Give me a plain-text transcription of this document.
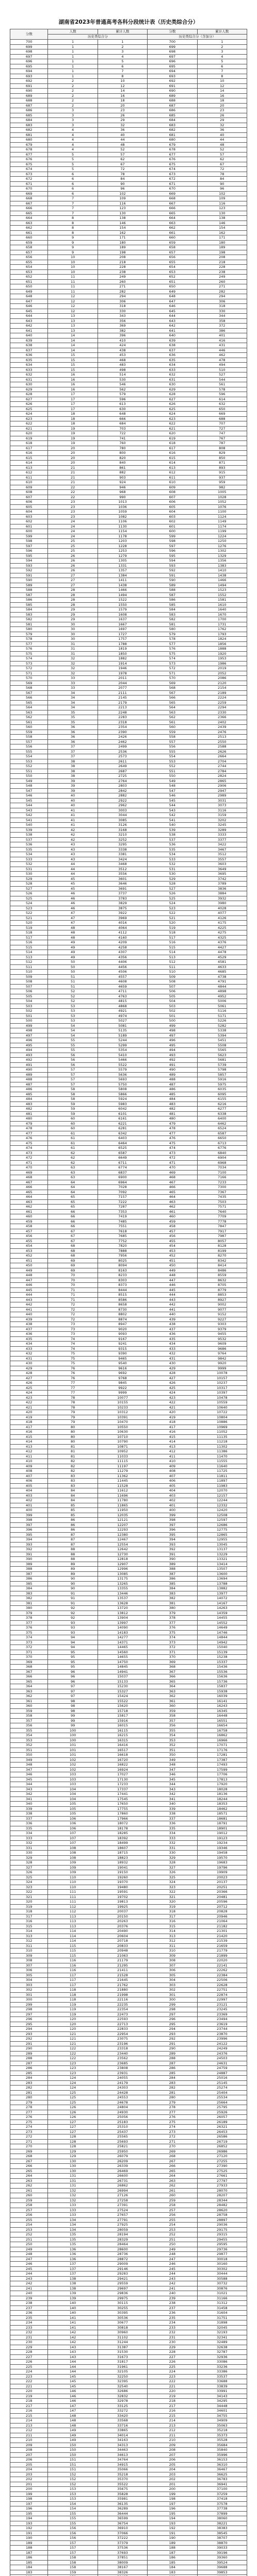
湖南省2023年普通高考各科分段统计表（历史类综合分）
分数	人数	累计人数	分数	累计人数
	历史类综合分		历史类综合分（含加分）	
700	1	1	700	1
699	1	2	699	2
698	1	3	698	3
697	1	4	697	4
696	1	5	696	5
695	1	6	695	6
694	1	7	694	7
693	1	8	693	8
692	2	10	692	10
691	2	12	691	12
690	2	14	690	14
689	2	16	689	16
688	2	18	688	18
687	2	20	687	20
686	3	23	686	23
685	3	26	685	26
684	3	29	684	29
683	3	32	683	32
682	4	36	682	36
681	4	40	681	40
680	4	44	680	44
679	4	48	679	48
678	4	52	678	52
677	5	57	677	57
676	5	62	676	62
675	5	67	675	67
674	5	72	674	72
673	6	78	673	78
672	6	84	672	84
671	6	90	671	90
670	6	96	670	96
669	6	102	669	102
668	7	109	668	109
667	7	116	667	116
666	7	123	666	123
665	7	130	665	130
664	8	138	664	138
663	8	146	663	146
662	8	154	662	154
661	8	162	661	162
660	9	171	660	171
659	9	180	659	180
658	9	189	658	189
657	9	198	657	198
656	10	208	656	208
655	10	218	655	218
654	10	228	654	228
653	10	238	653	238
652	11	249	652	249
651	11	260	651	260
650	11	271	650	271
649	11	282	649	282
648	12	294	648	294
647	12	306	647	306
646	12	318	646	318
645	12	330	645	330
644	13	343	644	344
643	13	356	643	358
642	13	369	642	372
641	13	382	641	386
640	14	396	640	401
639	14	410	639	416
638	14	424	638	431
637	14	438	637	446
636	15	453	636	462
635	15	468	635	478
634	15	483	634	494
633	15	498	633	510
632	16	514	632	527
631	16	530	631	544
630	16	546	630	561
629	16	562	629	578
628	17	579	628	596
627	17	596	627	614
626	17	613	626	632
625	17	630	625	650
624	18	648	624	669
623	18	666	623	688
622	18	684	622	707
621	19	703	621	727
620	19	722	620	747
619	19	741	619	767
618	19	760	618	787
617	20	780	617	808
616	20	800	616	829
615	20	820	615	850
614	20	840	614	871
613	21	861	613	893
612	21	882	612	915
611	21	903	611	937
610	21	924	610	959
609	22	946	609	982
608	22	968	608	1005
607	22	990	607	1028
606	23	1013	606	1052
605	23	1036	605	1076
604	23	1059	604	1100
603	23	1082	603	1124
602	24	1106	602	1149
601	24	1130	601	1174
600	24	1154	600	1199
599	24	1178	599	1224
598	25	1203	598	1250
597	25	1228	597	1276
596	25	1253	596	1302
595	26	1279	595	1329
594	26	1305	594	1356
593	26	1331	593	1383
592	26	1357	592	1410
591	27	1384	591	1438
590	27	1411	590	1466
589	27	1438	589	1494
588	28	1466	588	1523
587	28	1494	587	1552
586	28	1522	586	1581
585	28	1550	585	1610
584	29	1579	584	1640
583	29	1608	583	1670
582	29	1637	582	1700
581	30	1667	581	1731
580	30	1697	580	1762
579	30	1727	579	1793
578	30	1757	578	1824
577	31	1788	577	1856
576	31	1819	576	1888
575	31	1850	575	1920
574	32	1882	574	1953
573	32	1914	573	1986
572	32	1946	572	2019
571	32	1978	571	2052
570	33	2011	570	2086
569	33	2044	569	2120
568	33	2077	568	2154
567	34	2111	567	2189
566	34	2145	566	2224
565	34	2179	565	2259
564	34	2213	564	2294
563	35	2248	563	2330
562	35	2283	562	2366
561	35	2318	561	2402
560	36	2354	560	2439
559	36	2390	559	2476
558	36	2426	558	2513
557	36	2462	557	2550
556	37	2499	556	2588
555	37	2536	555	2626
554	37	2573	554	2664
553	38	2611	553	2704
552	38	2649	552	2744
551	38	2687	551	2784
550	38	2725	550	2824
549	39	2764	549	2865
548	39	2803	548	2906
547	39	2842	547	2947
546	40	2882	546	2989
545	40	2922	545	3031
544	40	2962	544	3073
543	41	3003	543	3116
542	41	3044	542	3159
541	41	3085	541	3202
540	41	3126	540	3245
539	42	3168	539	3289
538	42	3210	538	3333
537	42	3252	537	3377
536	43	3295	536	3422
535	43	3338	535	3467
534	43	3381	534	3512
533	43	3424	533	3557
532	44	3468	532	3603
531	44	3512	531	3649
530	44	3556	530	3695
529	45	3601	529	3742
528	45	3646	528	3789
527	45	3691	527	3836
526	46	3737	526	3884
525	46	3783	525	3932
524	46	3829	524	3980
523	46	3875	523	4028
522	47	3922	522	4077
521	47	3969	521	4126
520	47	4016	520	4175
519	48	4064	519	4225
518	48	4112	518	4275
517	48	4160	517	4325
516	49	4209	516	4376
515	49	4258	515	4427
514	49	4307	514	4478
513	49	4356	513	4529
512	50	4406	512	4581
511	50	4456	511	4633
510	50	4506	510	4685
509	51	4557	509	4738
508	51	4608	508	4791
507	51	4659	507	4844
506	52	4711	506	4898
505	52	4763	505	4952
504	52	4815	504	5006
503	53	4868	503	5061
502	53	4921	502	5116
501	53	4974	501	5171
500	53	5027	500	5226
499	54	5081	499	5282
498	54	5135	498	5338
497	54	5189	497	5394
496	55	5244	496	5451
495	55	5299	495	5508
494	55	5354	494	5565
493	56	5410	493	5623
492	56	5466	492	5681
491	56	5522	491	5739
490	57	5579	490	5798
489	57	5636	489	5857
488	57	5693	488	5916
487	57	5750	487	5975
486	58	5808	486	6035
485	58	5866	485	6095
484	58	5924	484	6155
483	59	5983	483	6216
482	59	6042	482	6277
481	59	6101	481	6338
480	60	6161	480	6400
479	60	6221	479	6462
478	60	6281	478	6524
477	61	6342	477	6587
476	61	6403	476	6650
475	61	6464	475	6713
474	61	6525	474	6776
473	62	6587	473	6840
472	62	6649	472	6904
471	62	6711	471	6968
470	63	6774	470	7034
469	63	6837	469	7100
468	63	6900	468	7166
467	64	6964	467	7233
466	64	7028	466	7300
465	64	7092	465	7367
464	65	7157	464	7435
463	65	7222	463	7503
462	65	7287	462	7571
461	66	7353	461	7640
460	66	7419	460	7709
459	66	7485	459	7778
458	66	7551	458	7847
457	67	7618	457	7917
456	67	7685	456	7987
455	67	7752	455	8057
454	68	7820	454	8128
453	68	7888	453	8199
452	68	7956	452	8270
451	69	8025	451	8342
450	69	8094	450	8414
449	69	8163	449	8486
448	70	8233	448	8559
447	70	8303	447	8632
446	70	8373	446	8705
445	71	8444	445	8779
444	71	8515	444	8853
443	71	8586	443	8927
442	72	8658	442	9002
441	72	8730	441	9077
440	72	8802	440	9152
439	72	8874	439	9227
438	73	8947	438	9303
437	73	9020	437	9379
436	73	9093	436	9455
435	74	9167	435	9532
434	74	9241	434	9609
433	74	9315	433	9686
432	75	9390	432	9764
431	75	9465	431	9842
430	75	9540	430	9920
429	76	9616	429	9999
428	76	9692	428	10078
427	76	9768	427	10157
426	77	9845	426	10237
425	77	9922	425	10317
424	77	9999	424	10397
423	78	10077	423	10478
422	78	10155	422	10559
421	78	10233	421	10640
420	79	10312	420	10722
419	79	10391	419	10804
418	79	10470	418	10886
417	80	10550	417	10969
416	80	10630	416	11052
415	80	10710	415	11135
414	80	10790	414	11218
413	81	10871	413	11302
412	81	10952	412	11386
411	81	11033	411	11470
410	82	11115	410	11555
409	82	11197	409	11640
408	82	11279	408	11725
407	83	11362	407	11811
406	83	11445	406	11897
405	83	11528	405	11983
404	84	11612	404	12070
403	84	11696	403	12157
402	84	11780	402	12244
401	85	11865	401	12332
400	85	11950	400	12420
399	85	12035	399	12508
398	86	12121	398	12597
397	86	12207	397	12686
396	86	12293	396	12775
395	87	12380	395	12865
394	87	12467	394	12955
393	87	12554	393	13045
392	88	12642	392	13137
391	88	12730	391	13229
390	88	12818	390	13321
389	89	12907	389	13414
388	89	12996	388	13507
387	89	13085	387	13600
386	90	13175	386	13694
385	90	13265	385	13788
384	90	13355	384	13882
383	91	13446	383	13977
382	91	13537	382	14072
381	91	13628	381	14167
380	92	13720	380	14263
379	92	13812	379	14359
378	92	13904	378	14455
377	93	13997	377	14552
376	93	14090	376	14649
375	93	14183	375	14746
374	94	14277	374	14844
373	94	14371	373	14942
372	94	14465	372	15040
371	95	14560	371	15139
370	95	14655	370	15238
369	95	14750	369	15337
368	95	14845	368	15436
367	96	14941	367	15536
366	96	15037	366	15636
365	96	15133	365	15736
364	97	15230	364	15837
363	97	15327	363	15938
362	97	15424	362	16039
361	98	15522	361	16141
360	98	15620	360	16243
359	98	15718	359	16345
358	99	15817	358	16448
357	99	15916	357	16551
356	99	16015	356	16654
355	100	16115	355	16758
354	100	16215	354	16862
353	100	16315	353	16966
352	101	16416	352	17071
351	101	16517	351	17176
350	101	16618	350	17281
349	102	16720	349	17387
348	102	16822	348	17493
347	102	16924	347	17599
346	103	17027	346	17706
345	103	17130	345	17813
344	103	17233	344	17920
343	104	17337	343	18028
342	104	17441	342	18136
341	104	17545	341	18244
340	105	17650	340	18353
339	105	17755	339	18462
338	105	17860	338	18571
337	106	17966	337	18681
336	106	18072	336	18791
335	106	18178	335	18901
334	107	18285	334	19012
333	107	18392	333	19123
332	107	18499	332	19234
331	108	18607	331	19346
330	108	18715	330	19458
329	108	18823	329	19570
328	109	18932	328	19683
327	109	19041	327	19796
326	109	19150	326	19909
325	110	19260	325	20023
324	110	19370	324	20137
323	110	19480	323	20251
322	111	19591	322	20366
321	111	19702	321	20481
320	111	19813	320	20596
319	112	19925	319	20712
318	112	20037	318	20828
317	113	20150	317	20946
316	113	20263	316	21064
315	113	20376	315	21182
314	114	20490	314	21301
313	114	20604	313	21420
312	114	20718	312	21539
311	115	20833	311	21659
310	115	20948	310	21779
309	115	21063	309	21899
308	116	21179	308	22020
307	116	21295	307	22141
306	116	21411	306	22262
305	117	21528	305	22384
304	117	21645	304	22506
303	117	21762	303	22628
302	118	21880	302	22751
301	118	21998	301	22874
300	118	22116	300	22997
299	119	22235	299	23121
298	119	22354	298	23245
297	119	22473	297	23369
296	120	22593	296	23494
295	120	22713	295	23619
294	120	22833	294	23744
293	121	22954	293	23870
292	121	23075	292	23996
291	121	23196	291	24122
290	122	23318	290	24249
289	122	23440	289	24376
288	122	23562	288	24503
287	123	23685	287	24631
286	123	23808	286	24759
285	123	23931	285	24887
284	124	24055	284	25016
283	124	24179	283	25145
282	124	24303	282	25274
281	125	24428	281	25404
280	125	24553	280	25534
279	125	24678	279	25664
278	126	24804	278	25795
277	126	24930	277	25926
276	126	25056	276	26057
275	127	25183	275	26189
274	127	25310	274	26321
273	127	25437	273	26453
272	128	25565	272	26586
271	128	25693	271	26719
270	128	25821	270	26852
269	129	25950	269	26986
268	129	26079	268	27120
267	130	26209	267	27255
266	130	26339	266	27390
265	130	26469	265	27525
264	131	26600	264	27661
263	131	26731	263	27797
262	131	26862	262	27933
261	132	26994	261	28070
260	132	27126	260	28207
259	132	27258	259	28344
258	133	27391	258	28482
257	133	27524	257	28620
256	133	27657	256	28758
255	134	27791	255	28897
254	134	27925	254	29036
253	134	28059	253	29175
252	135	28194	252	29315
251	135	28329	251	29455
250	135	28464	250	29595
249	136	28600	249	29736
248	136	28736	248	29877
247	136	28872	247	30018
246	137	29009	246	30160
245	137	29146	245	30302
244	137	29283	244	30444
243	138	29421	243	30588
242	138	29559	242	30732
241	138	29697	241	30876
240	139	29836	240	31021
239	139	29975	239	31166
238	140	30115	238	31312
237	140	30255	237	31458
236	140	30395	236	31604
235	141	30536	235	31751
234	141	30677	234	31898
233	141	30818	233	32045
232	142	30960	232	32193
231	142	31102	231	32341
230	142	31244	230	32489
229	143	31387	229	32638
228	143	31530	228	32787
227	143	31673	227	32936
226	144	31817	226	33086
225	144	31961	225	33236
224	144	32105	224	33386
223	145	32250	223	33537
222	145	32395	222	33688
221	145	32540	221	33839
220	146	32686	220	33991
219	146	32832	219	34143
218	146	32978	218	34295
217	147	33125	217	34448
216	147	33272	216	34601
215	148	33420	215	34755
214	148	33568	214	34909
213	148	33716	213	35063
212	149	33865	212	35218
211	149	34014	211	35373
210	149	34163	210	35528
209	150	34313	209	35684
208	150	34463	208	35840
207	150	34613	207	35996
206	151	34764	206	36153
205	151	34915	205	36310
204	151	35066	204	36467
203	152	35218	203	36625
202	152	35370	202	36783
201	152	35522	201	36941
200	153	35675	200	37100
199	153	35828	199	37259
198	153	35981	198	37418
197	154	36135	197	37578
196	154	36289	196	37738
195	155	36444	195	37899
194	155	36599	194	38060
193	155	36754	193	38221
192	156	36910	192	38383
191	156	37066	191	38545
190	156	37222	190	38707
189	157	37379	189	38870
188	157	37536	188	39033
187	157	37693	187	39196
186	158	37851	186	39360
185	158	38009	185	39524
184	158	38167	184	39688
183	159	38326	183	39853
